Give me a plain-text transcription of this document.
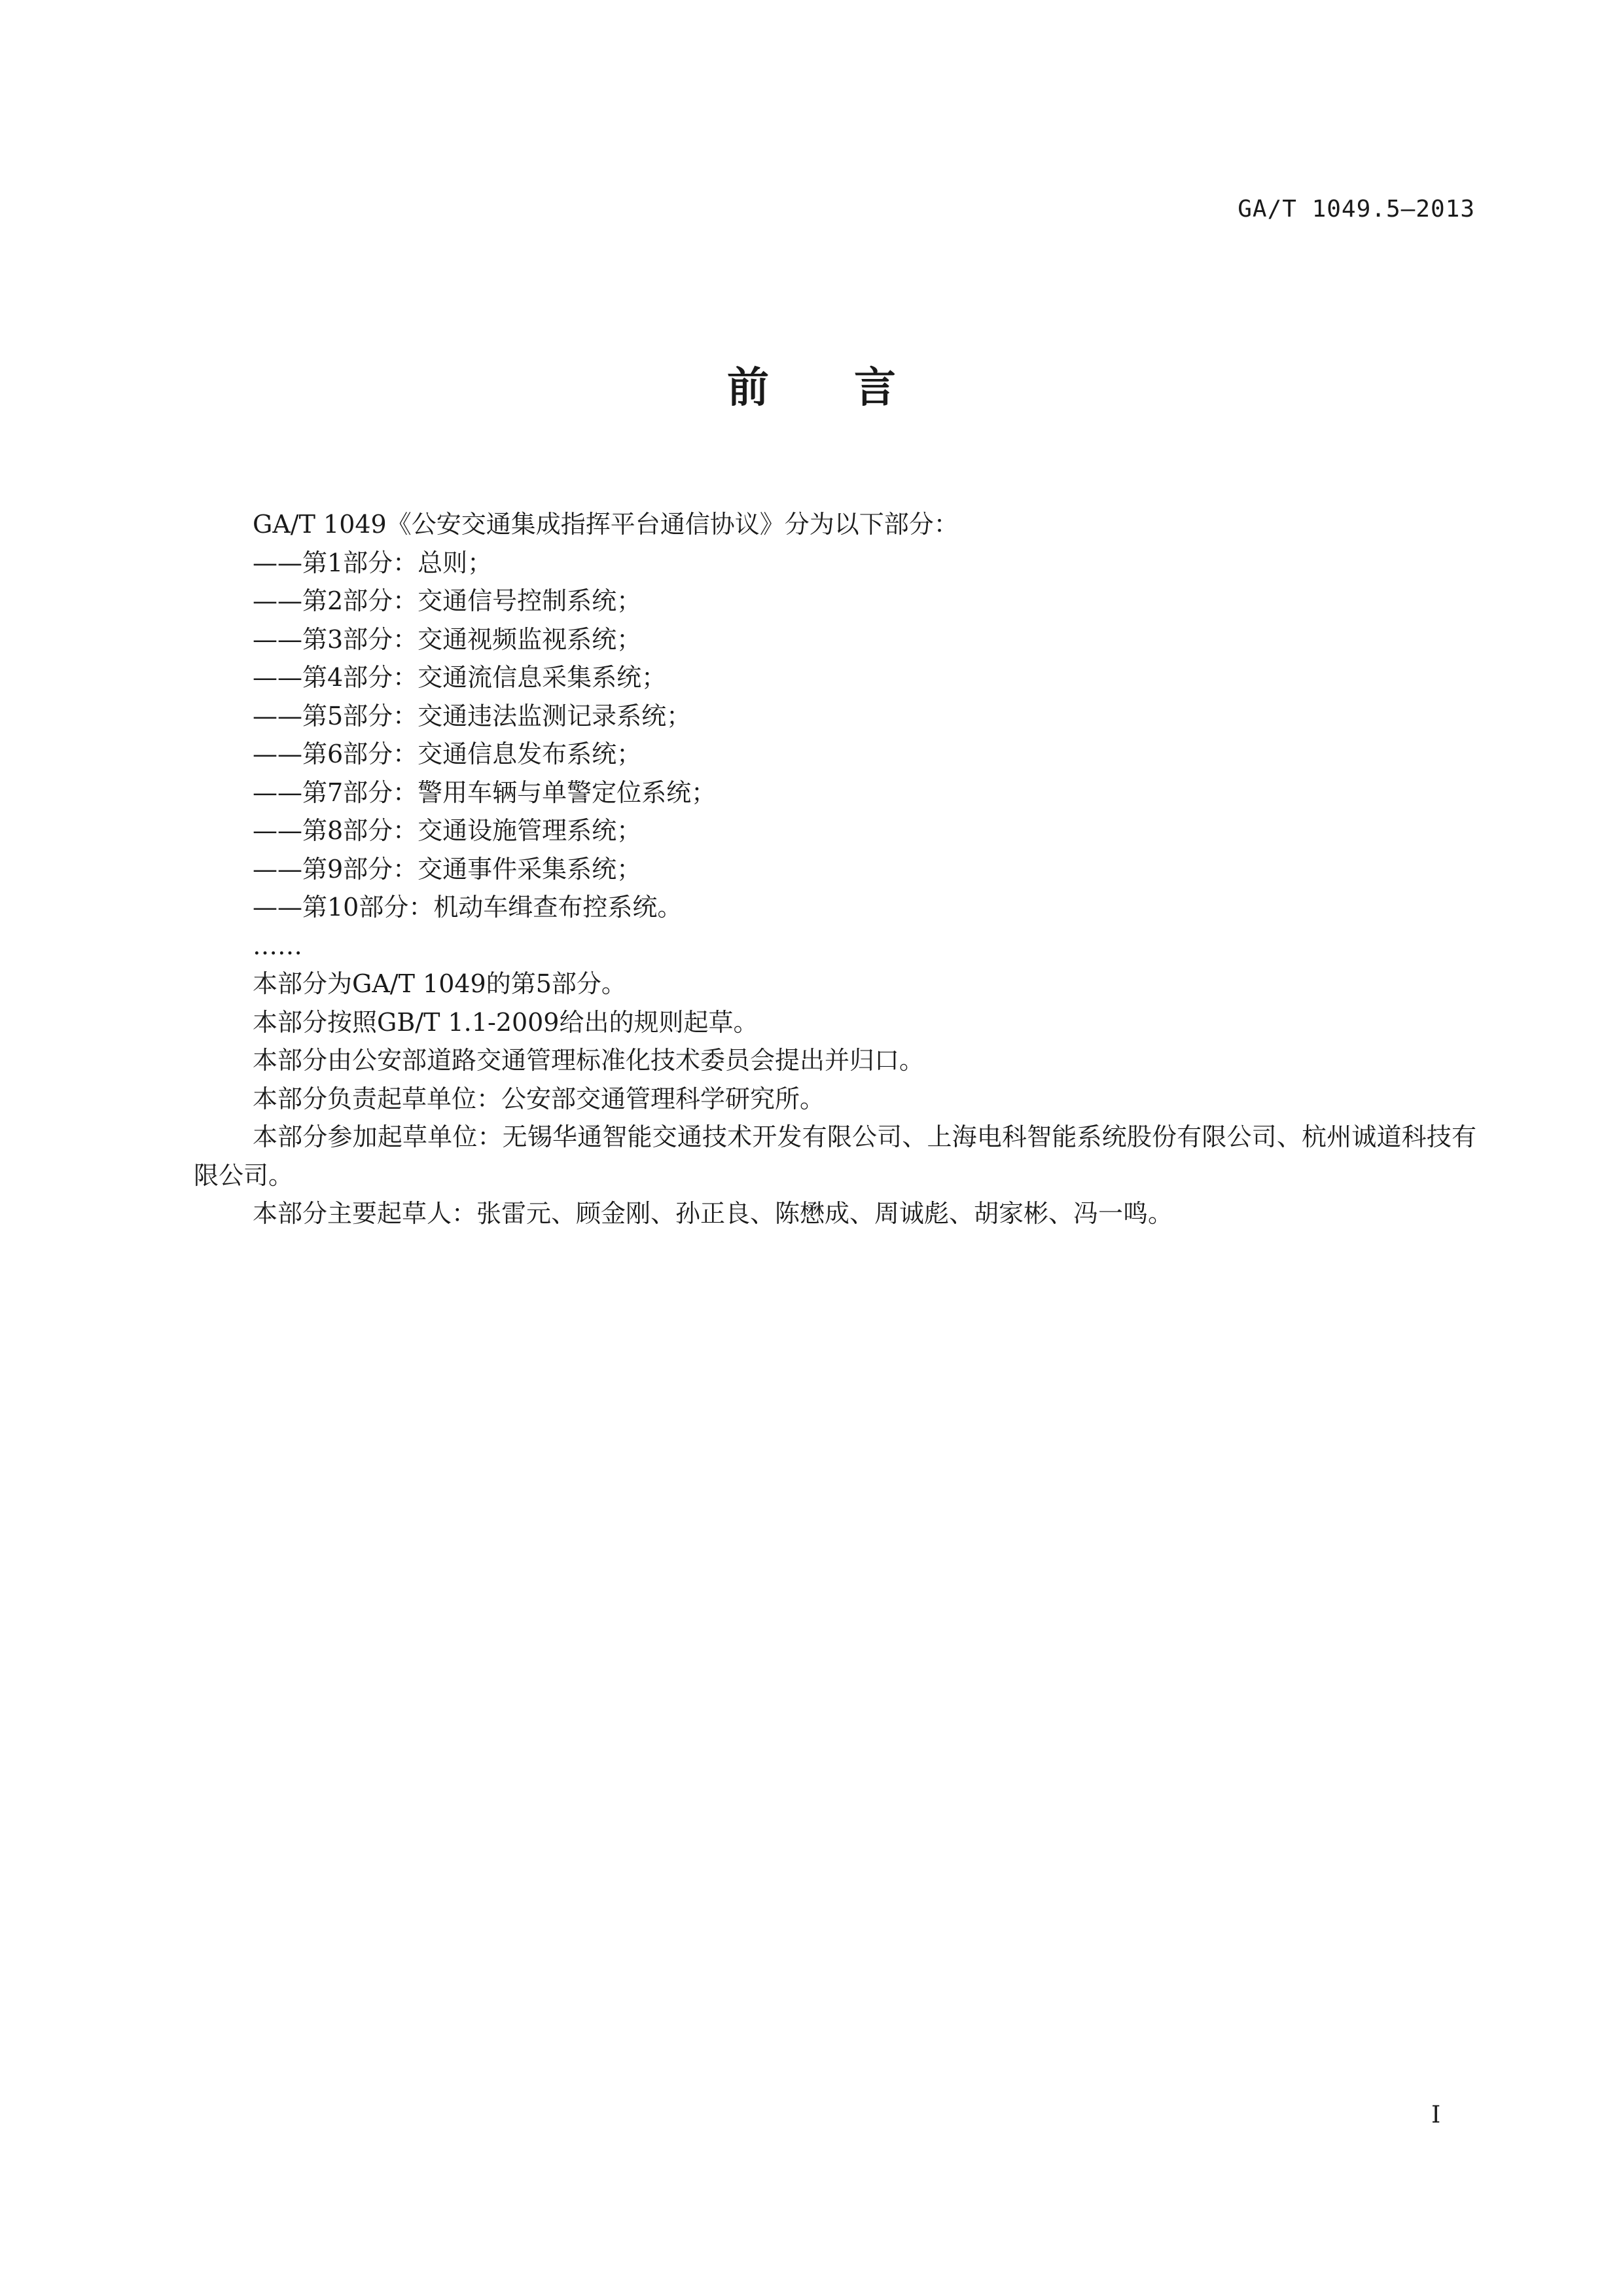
GA/T 1049.5—2013
前言

GA/T 1049《公安交通集成指挥平台通信协议》分为以下部分：

——第1部分：总则；
——第2部分：交通信号控制系统；
——第3部分：交通视频监视系统；
——第4部分：交通流信息采集系统；
——第5部分：交通违法监测记录系统；
——第6部分：交通信息发布系统；
——第7部分：警用车辆与单警定位系统；
——第8部分：交通设施管理系统；
——第9部分：交通事件采集系统；
——第10部分：机动车缉查布控系统。

……

本部分为GA/T 1049的第5部分。

本部分按照GB/T 1.1-2009给出的规则起草。

本部分由公安部道路交通管理标准化技术委员会提出并归口。

本部分负责起草单位：公安部交通管理科学研究所。

本部分参加起草单位：无锡华通智能交通技术开发有限公司、上海电科智能系统股份有限公司、杭州诚道科技有限公司。

本部分主要起草人：张雷元、顾金刚、孙正良、陈懋成、周诚彪、胡家彬、冯一鸣。

I
